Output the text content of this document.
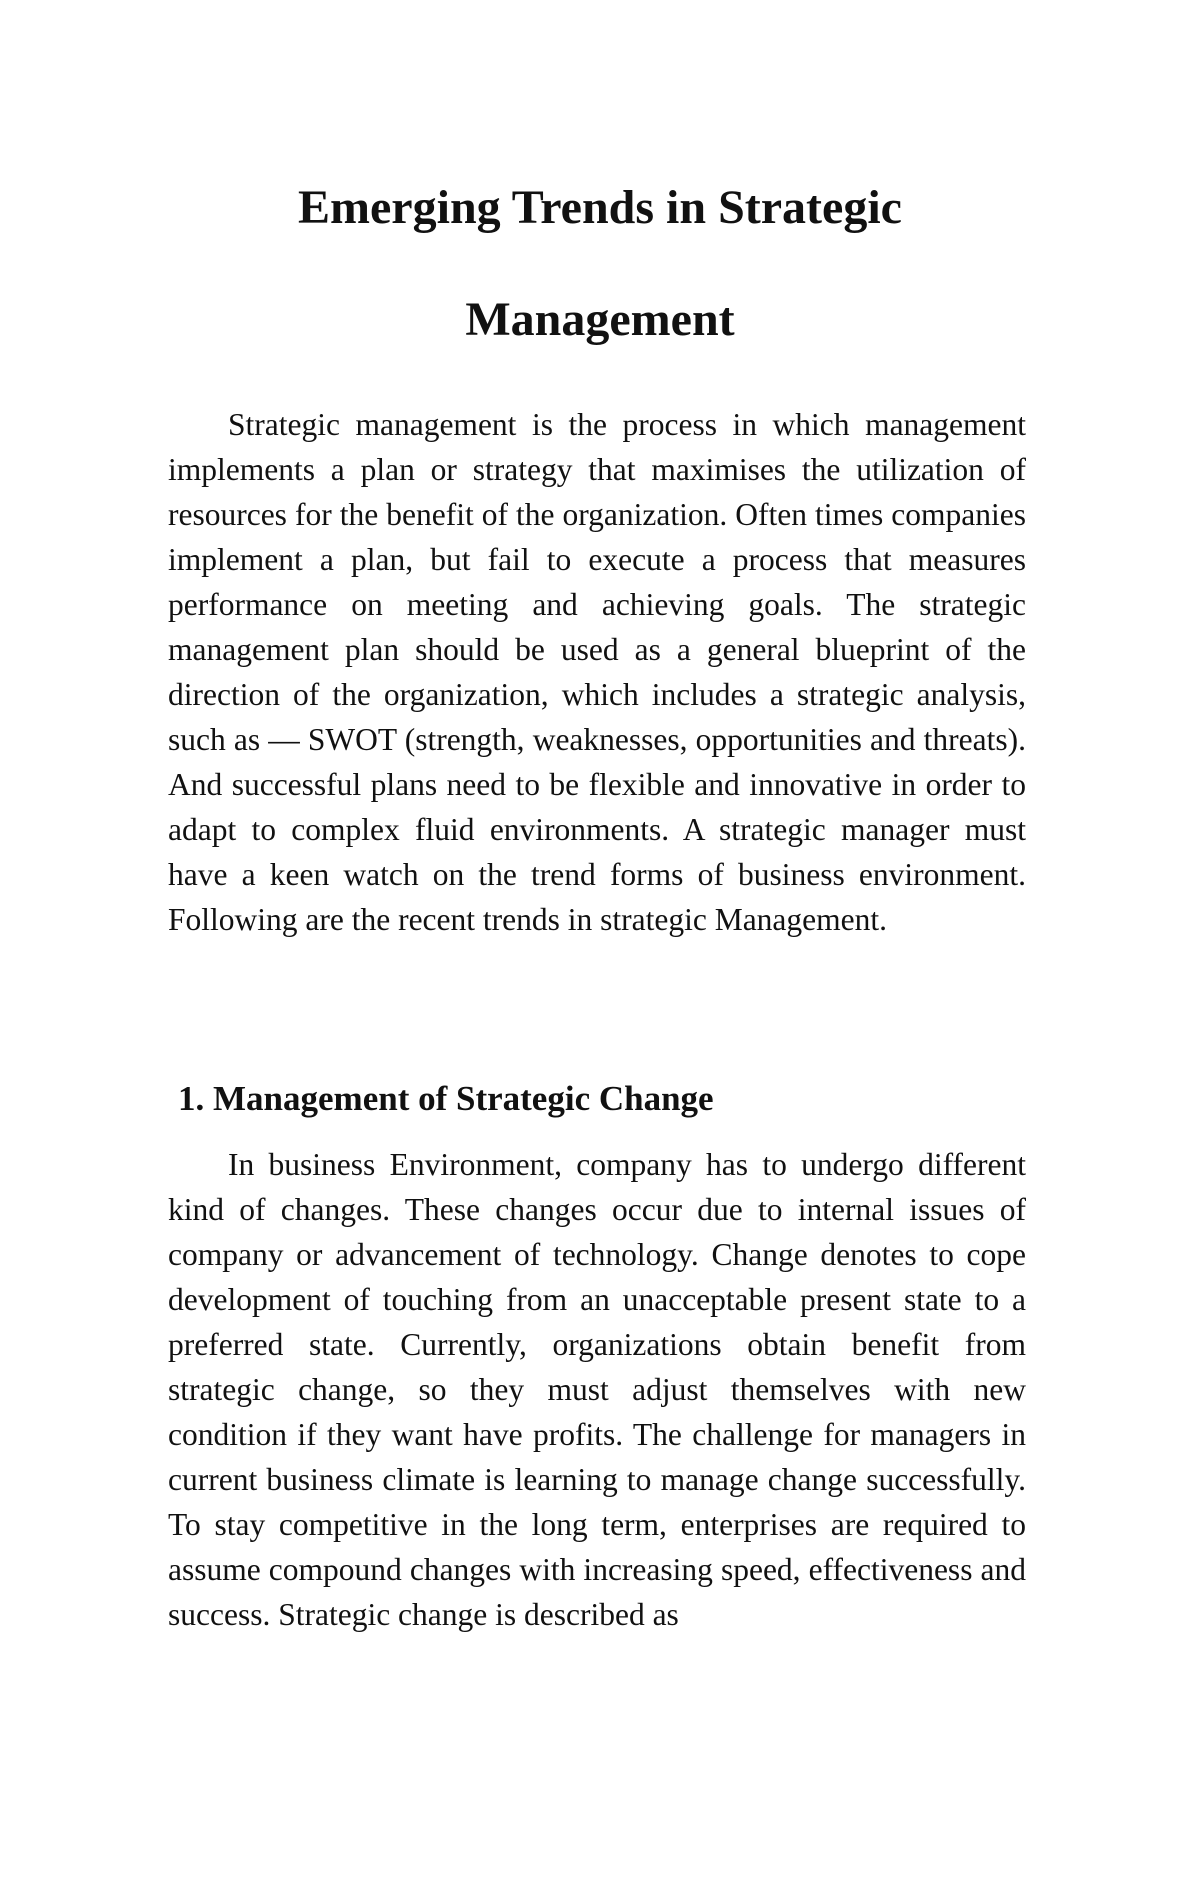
Emerging Trends in Strategic
Management

Strategic management is the process in which management implements a plan or strategy that maximises the utilization of resources for the benefit of the organization. Often times companies implement a plan, but fail to execute a process that measures performance on meeting and achieving goals. The strategic management plan should be used as a general blueprint of the direction of the organization, which includes a strategic analysis, such as — SWOT (strength, weaknesses, opportunities and threats). And successful plans need to be flexible and innovative in order to adapt to complex fluid environments. A strategic manager must have a keen watch on the trend forms of business environment. Following are the recent trends in strategic Management.

1. Management of Strategic Change

In business Environment, company has to undergo different kind of changes. These changes occur due to internal issues of company or advancement of technology. Change denotes to cope development of touching from an unacceptable present state to a preferred state. Currently, organizations obtain benefit from strategic change, so they must adjust themselves with new condition if they want have profits. The challenge for managers in current business climate is learning to manage change successfully. To stay competitive in the long term, enterprises are required to assume compound changes with increasing speed, effectiveness and success. Strategic change is described as
